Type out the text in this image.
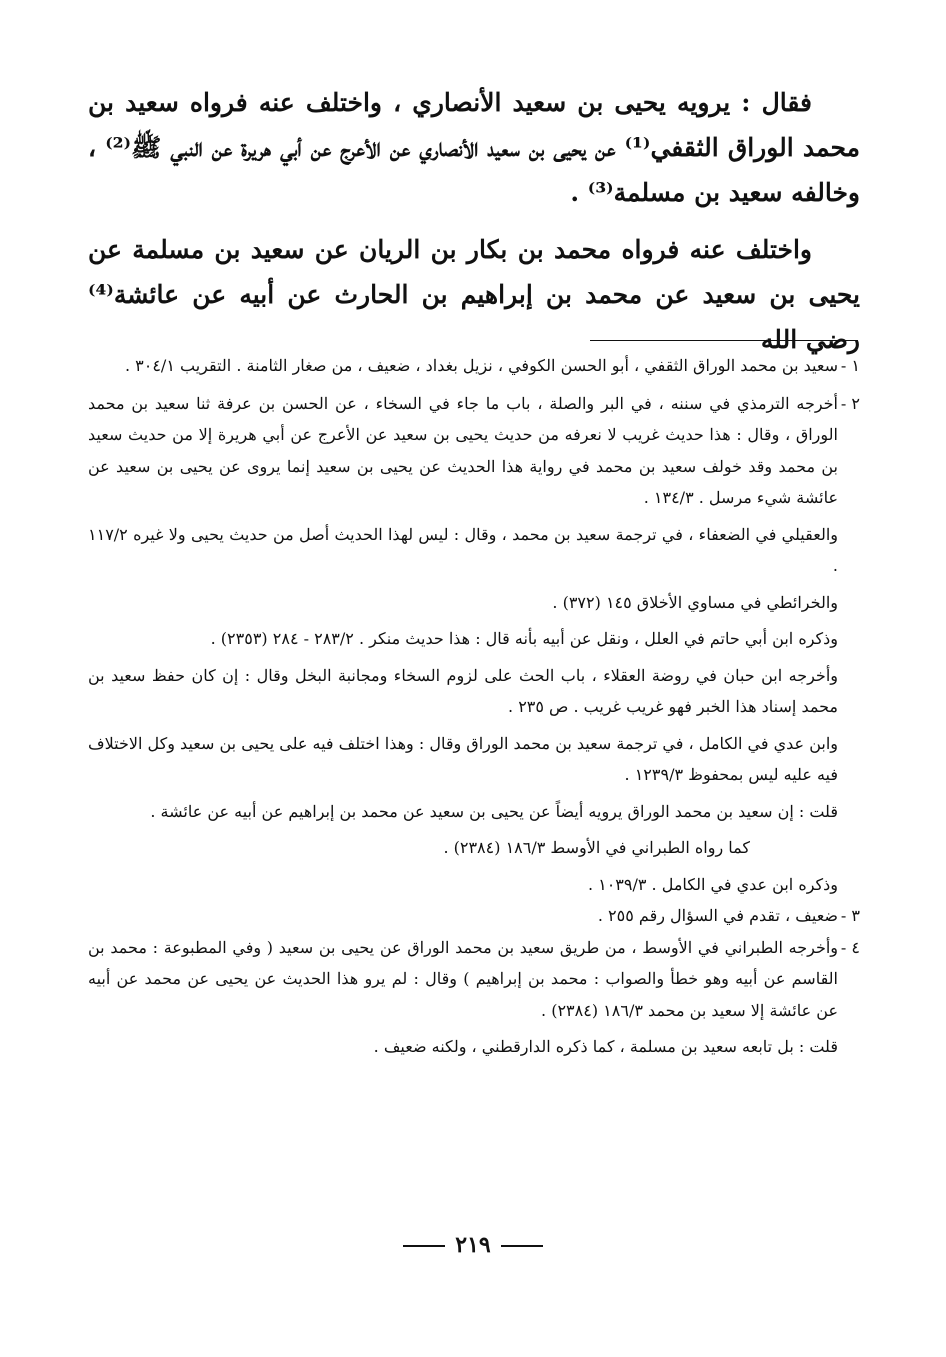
فقال : يرويه يحيى بن سعيد الأنصاري ، واختلف عنه فرواه سعيد بن محمد الوراق الثقفي⁽¹⁾ عن يحيى بن سعيد الأنصاري عن الأعرج عن أبي هريرة عن النبي ﷺ⁽²⁾ ، وخالفه سعيد بن مسلمة⁽³⁾ .

واختلف عنه فرواه محمد بن بكار بن الريان عن سعيد بن مسلمة عن يحيى بن سعيد عن محمد بن إبراهيم بن الحارث عن أبيه عن عائشة⁽⁴⁾ رضي الله

١ -

سعيد بن محمد الوراق الثقفي ، أبو الحسن الكوفي ، نزيل بغداد ، ضعيف ، من صغار الثامنة . التقريب ٣٠٤/١ .

٢ -

أخرجه الترمذي في سننه ، في البر والصلة ، باب ما جاء في السخاء ، عن الحسن بن عرفة ثنا سعيد بن محمد الوراق ، وقال : هذا حديث غريب لا نعرفه من حديث يحيى بن سعيد عن الأعرج عن أبي هريرة إلا من حديث سعيد بن محمد وقد خولف سعيد بن محمد في رواية هذا الحديث عن يحيى بن سعيد إنما يروى عن يحيى بن سعيد عن عائشة شيء مرسل . ١٣٤/٣ .

والعقيلي في الضعفاء ، في ترجمة سعيد بن محمد ، وقال : ليس لهذا الحديث أصل من حديث يحيى ولا غيره ١١٧/٢ .

والخرائطي في مساوي الأخلاق ١٤٥ (٣٧٢) .

وذكره ابن أبي حاتم في العلل ، ونقل عن أبيه بأنه قال : هذا حديث منكر . ٢٨٣/٢ - ٢٨٤ (٢٣٥٣) .

وأخرجه ابن حبان في روضة العقلاء ، باب الحث على لزوم السخاء ومجانبة البخل وقال : إن كان حفظ سعيد بن محمد إسناد هذا الخبر فهو غريب غريب . ص ٢٣٥ .

وابن عدي في الكامل ، في ترجمة سعيد بن محمد الوراق وقال : وهذا اختلف فيه على يحيى بن سعيد وكل الاختلاف فيه عليه ليس بمحفوظ ١٢٣٩/٣ .

قلت : إن سعيد بن محمد الوراق يرويه أيضاً عن يحيى بن سعيد عن محمد بن إبراهيم عن أبيه عن عائشة .

كما رواه الطبراني في الأوسط ١٨٦/٣ (٢٣٨٤) .

وذكره ابن عدي في الكامل . ١٠٣٩/٣ .

٣ -

ضعيف ، تقدم في السؤال رقم ٢٥٥ .

٤ -

وأخرجه الطبراني في الأوسط ، من طريق سعيد بن محمد الوراق عن يحيى بن سعيد ( وفي المطبوعة : محمد بن القاسم عن أبيه وهو خطأ والصواب : محمد بن إبراهيم ) وقال : لم يرو هذا الحديث عن يحيى عن محمد عن أبيه عن عائشة إلا سعيد بن محمد ١٨٦/٣ (٢٣٨٤) .

قلت : بل تابعه سعيد بن مسلمة ، كما ذكره الدارقطني ، ولكنه ضعيف .

٢١٩
